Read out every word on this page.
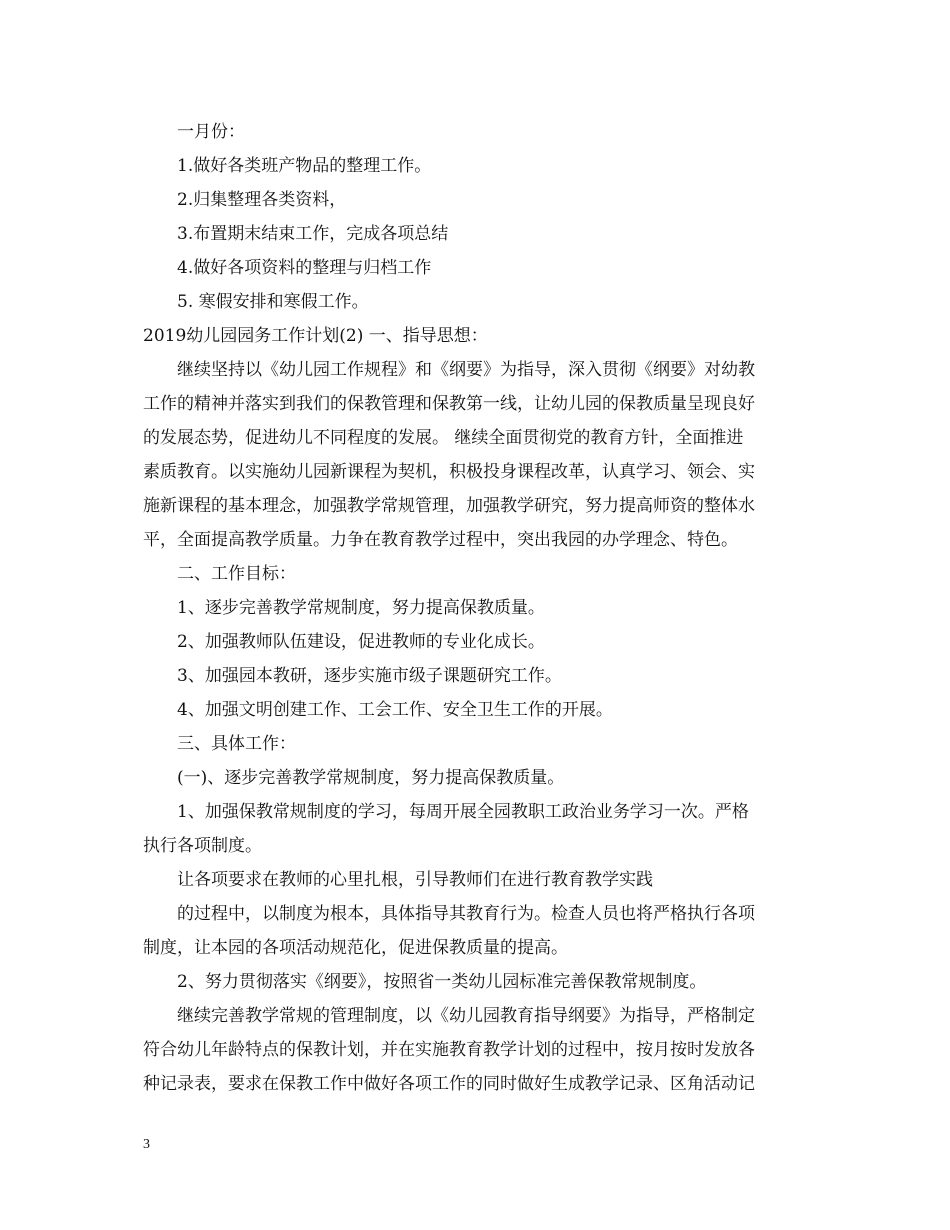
一月份：

1.做好各类班产物品的整理工作。

2.归集整理各类资料，

3.布置期末结束工作，完成各项总结

4.做好各项资料的整理与归档工作

5. 寒假安排和寒假工作。

2019幼儿园园务工作计划(2) 一、指导思想：

继续坚持以《幼儿园工作规程》和《纲要》为指导，深入贯彻《纲要》对幼教

工作的精神并落实到我们的保教管理和保教第一线，让幼儿园的保教质量呈现良好

的发展态势，促进幼儿不同程度的发展。 继续全面贯彻党的教育方针，全面推进

素质教育。以实施幼儿园新课程为契机，积极投身课程改革，认真学习、领会、实

施新课程的基本理念，加强教学常规管理，加强教学研究，努力提高师资的整体水

平，全面提高教学质量。力争在教育教学过程中，突出我园的办学理念、特色。

二、工作目标：

1、逐步完善教学常规制度，努力提高保教质量。

2、加强教师队伍建设，促进教师的专业化成长。

3、加强园本教研，逐步实施市级子课题研究工作。

4、加强文明创建工作、工会工作、安全卫生工作的开展。

三、具体工作：

(一)、逐步完善教学常规制度，努力提高保教质量。

1、加强保教常规制度的学习，每周开展全园教职工政治业务学习一次。严格

执行各项制度。

让各项要求在教师的心里扎根，引导教师们在进行教育教学实践

的过程中，以制度为根本，具体指导其教育行为。检查人员也将严格执行各项

制度，让本园的各项活动规范化，促进保教质量的提高。

2、努力贯彻落实《纲要》，按照省一类幼儿园标准完善保教常规制度。

继续完善教学常规的管理制度，以《幼儿园教育指导纲要》为指导，严格制定

符合幼儿年龄特点的保教计划，并在实施教育教学计划的过程中，按月按时发放各

种记录表，要求在保教工作中做好各项工作的同时做好生成教学记录、区角活动记

3
